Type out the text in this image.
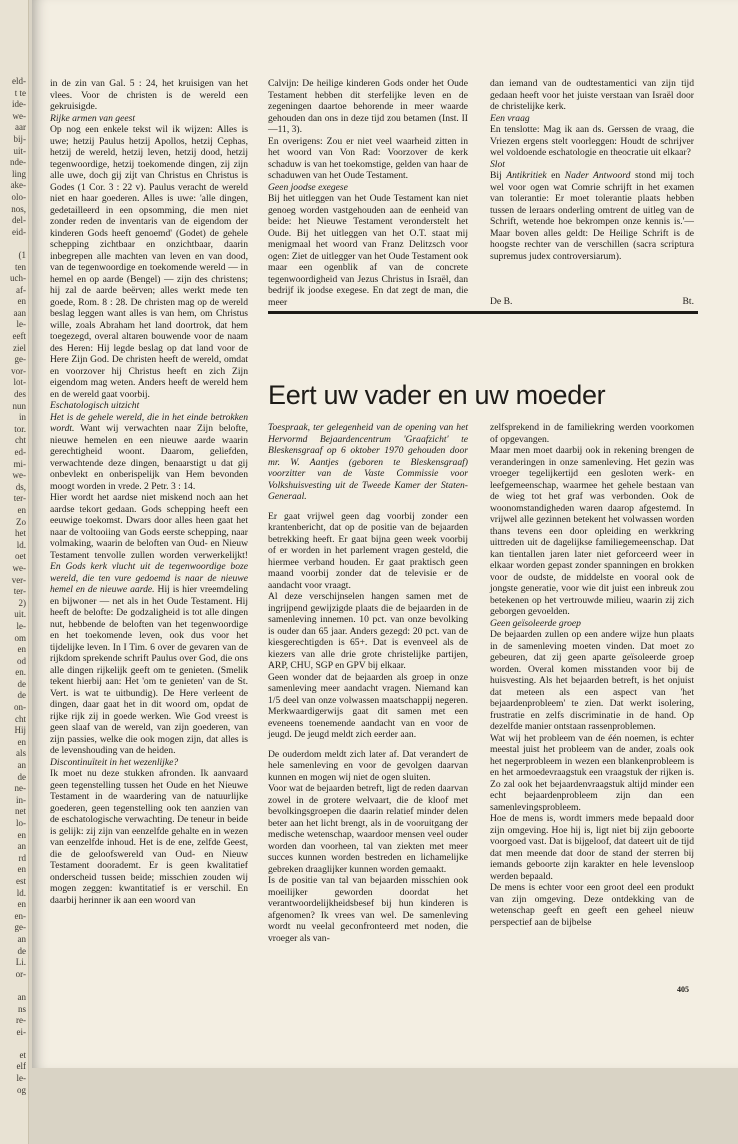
eld-
t te
ide-
we-
aar
bij-
uit-
nde-
ling
ake-
olo-
nos,
del-
eid-

(1
ten
uch-
af-
en
aan
le-
eeft
ziel
ge-
vor-
lot-
des
nun
in
tor.
cht
ed-
mi-
we-
ds,
ter-
en
Zo
het
ld.
oet
we-
ver-
ter-
2)
uit.
le-
om
en
od
en.
de
de
on-
cht
Hij
en
als
an
de
ne-
in-
net
lo-
en
an
rd
en
est
ld.
en
en-
ge-
an
de
Li.
or-

an
ns
re-
ei-

et
elf
le-
og

in de zin van Gal. 5 : 24, het kruisigen van het vlees. Voor de christen is de wereld een gekruisigde.

Rijke armen van geest

Op nog een enkele tekst wil ik wijzen: Alles is uwe; hetzij Paulus hetzij Apollos, hetzij Cephas, hetzij de wereld, hetzij leven, hetzij dood, hetzij tegenwoordige, hetzij toekomende dingen, zij zijn alle uwe, doch gij zijt van Christus en Christus is Godes (1 Cor. 3 : 22 v). Paulus veracht de wereld niet en haar goederen. Alles is uwe: 'alle dingen, gedetailleerd in een opsomming, die men niet zonder reden de inventaris van de eigendom der kinderen Gods heeft genoemd' (Godet) de gehele schepping zichtbaar en onzichtbaar, daarin inbegrepen alle machten van leven en van dood, van de tegenwoordige en toekomende wereld — in hemel en op aarde (Bengel) — zijn des christens; hij zal de aarde beërven; alles werkt mede ten goede, Rom. 8 : 28. De christen mag op de wereld beslag leggen want alles is van hem, om Christus wille, zoals Abraham het land doortrok, dat hem toegezegd, overal altaren bouwende voor de naam des Heren: Hij legde beslag op dat land voor de Here Zijn God. De christen heeft de wereld, omdat en voorzover hij Christus heeft en zich Zijn eigendom mag weten. Anders heeft de wereld hem en de wereld gaat voorbij.

Eschatologisch uitzicht

Het is de gehele wereld, die in het einde betrokken wordt. Want wij verwachten naar Zijn belofte, nieuwe hemelen en een nieuwe aarde waarin gerechtigheid woont. Daarom, geliefden, verwachtende deze dingen, benaarstigt u dat gij onbevlekt en onberispelijk van Hem bevonden moogt worden in vrede. 2 Petr. 3 : 14.

Hier wordt het aardse niet miskend noch aan het aardse tekort gedaan. Gods schepping heeft een eeuwige toekomst. Dwars door alles heen gaat het naar de voltooiing van Gods eerste schepping, naar volmaking, waarin de beloften van Oud- en Nieuw Testament tenvolle zullen worden verwerkelijkt! En Gods kerk vlucht uit de tegenwoordige boze wereld, die ten vure gedoemd is naar de nieuwe hemel en de nieuwe aarde. Hij is hier vreemdeling en bijwoner — net als in het Oude Testament. Hij heeft de belofte: De godzaligheid is tot alle dingen nut, hebbende de beloften van het tegenwoordige en het toekomende leven, ook dus voor het tijdelijke leven. In I Tim. 6 over de gevaren van de rijkdom sprekende schrift Paulus over God, die ons alle dingen rijkelijk geeft om te genieten. (Smelik tekent hierbij aan: Het 'om te genieten' van de St. Vert. is wat te uitbundig). De Here verleent de dingen, daar gaat het in dit woord om, opdat de rijke rijk zij in goede werken. Wie God vreest is geen slaaf van de wereld, van zijn goederen, van zijn passies, welke die ook mogen zijn, dat alles is de levenshouding van de heiden.

Discontinuïteit in het wezenlijke?

Ik moet nu deze stukken afronden. Ik aanvaard geen tegenstelling tussen het Oude en het Nieuwe Testament in de waardering van de natuurlijke goederen, geen tegenstelling ook ten aanzien van de eschatologische verwachting. De teneur in beide is gelijk: zij zijn van eenzelfde gehalte en in wezen van eenzelfde inhoud. Het is de ene, zelfde Geest, die de geloofswereld van Oud- en Nieuw Testament doorademt. Er is geen kwalitatief onderscheid tussen beide; misschien zouden wij mogen zeggen: kwantitatief is er verschil. En daarbij herinner ik aan een woord van

Calvijn: De heilige kinderen Gods onder het Oude Testament hebben dit sterfelijke leven en de zegeningen daartoe behorende in meer waarde gehouden dan ons in deze tijd zou betamen (Inst. II—11, 3).

En overigens: Zou er niet veel waarheid zitten in het woord van Von Rad: Voorzover de kerk schaduw is van het toekomstige, gelden van haar de schaduwen van het Oude Testament.

Geen joodse exegese

Bij het uitleggen van het Oude Testament kan niet genoeg worden vastgehouden aan de eenheid van beide: het Nieuwe Testament veronderstelt het Oude. Bij het uitleggen van het O.T. staat mij menigmaal het woord van Franz Delitzsch voor ogen: Ziet de uitlegger van het Oude Testament ook maar een ogenblik af van de concrete tegenwoordigheid van Jezus Christus in Israël, dan bedrijf ik joodse exegese. En dat zegt de man, die meer

dan iemand van de oudtestamentici van zijn tijd gedaan heeft voor het juiste verstaan van Israël door de christelijke kerk.

Een vraag

En tenslotte: Mag ik aan ds. Gerssen de vraag, die Vriezen ergens stelt voorleggen: Houdt de schrijver wel voldoende eschatologie en theocratie uit elkaar?

Slot

Bij Antikritiek en Nader Antwoord stond mij toch wel voor ogen wat Comrie schrijft in het examen van tolerantie: Er moet tolerantie plaats hebben tussen de leraars onderling omtrent de uitleg van de Schrift, wetende hoe bekrompen onze kennis is.'— Maar boven alles geldt: De Heilige Schrift is de hoogste rechter van de verschillen (sacra scriptura supremus judex controversiarum).

De B.	Bt.
Eert uw vader en uw moeder

Toespraak, ter gelegenheid van de opening van het Hervormd Bejaardencentrum 'Graafzicht' te Bleskensgraaf op 6 oktober 1970 gehouden door mr. W. Aantjes (geboren te Bleskensgraaf) voorzitter van de Vaste Commissie voor Volkshuisvesting uit de Tweede Kamer der Staten-Generaal.

Er gaat vrijwel geen dag voorbij zonder een krantenbericht, dat op de positie van de bejaarden betrekking heeft. Er gaat bijna geen week voorbij of er worden in het parlement vragen gesteld, die hiermee verband houden. Er gaat praktisch geen maand voorbij zonder dat de televisie er de aandacht voor vraagt.

Al deze verschijnselen hangen samen met de ingrijpend gewijzigde plaats die de bejaarden in de samenleving innemen. 10 pct. van onze bevolking is ouder dan 65 jaar. Anders gezegd: 20 pct. van de kiesgerechtigden is 65+. Dat is evenveel als de kiezers van alle drie grote christelijke partijen, ARP, CHU, SGP en GPV bij elkaar.

Geen wonder dat de bejaarden als groep in onze samenleving meer aandacht vragen. Niemand kan 1/5 deel van onze volwassen maatschappij negeren. Merkwaardigerwijs gaat dit samen met een eveneens toenemende aandacht van en voor de jeugd. De jeugd meldt zich eerder aan.

De ouderdom meldt zich later af. Dat verandert de hele samenleving en voor de gevolgen daarvan kunnen en mogen wij niet de ogen sluiten.

Voor wat de bejaarden betreft, ligt de reden daarvan zowel in de grotere welvaart, die de kloof met bevolkingsgroepen die daarin relatief minder delen beter aan het licht brengt, als in de vooruitgang der medische wetenschap, waardoor mensen veel ouder worden dan voorheen, tal van ziekten met meer succes kunnen worden bestreden en lichamelijke gebreken draaglijker kunnen worden gemaakt.

Is de positie van tal van bejaarden misschien ook moeilijker geworden doordat het verantwoordelijkheidsbesef bij hun kinderen is afgenomen? Ik vrees van wel. De samenleving wordt nu veelal geconfronteerd met noden, die vroeger als van-

zelfsprekend in de familiekring werden voorkomen of opgevangen.

Maar men moet daarbij ook in rekening brengen de veranderingen in onze samenleving. Het gezin was vroeger tegelijkertijd een gesloten werk- en leefgemeenschap, waarmee het gehele bestaan van de wieg tot het graf was verbonden. Ook de woonomstandigheden waren daarop afgestemd. In vrijwel alle gezinnen betekent het volwassen worden thans tevens een door opleiding en werkkring uittreden uit de dagelijkse familiegemeenschap. Dat kan tientallen jaren later niet geforceerd weer in elkaar worden gepast zonder spanningen en brokken voor de oudste, de middelste en vooral ook de jongste generatie, voor wie dit juist een inbreuk zou betekenen op het vertrouwde milieu, waarin zij zich geborgen gevoelden.

Geen geïsoleerde groep

De bejaarden zullen op een andere wijze hun plaats in de samenleving moeten vinden. Dat moet zo gebeuren, dat zij geen aparte geïsoleerde groep worden. Overal komen misstanden voor bij de huisvesting. Als het bejaarden betreft, is het onjuist dat meteen als een aspect van 'het bejaardenprobleem' te zien. Dat werkt isolering, frustratie en zelfs discriminatie in de hand. Op dezelfde manier ontstaan rassenproblemen.

Wat wij het probleem van de één noemen, is echter meestal juist het probleem van de ander, zoals ook het negerprobleem in wezen een blankenprobleem is en het armoedevraagstuk een vraagstuk der rijken is. Zo zal ook het bejaardenvraagstuk altijd minder een echt bejaardenprobleem zijn dan een samenlevingsprobleem.

Hoe de mens is, wordt immers mede bepaald door zijn omgeving. Hoe hij is, ligt niet bij zijn geboorte voorgoed vast. Dat is bijgeloof, dat dateert uit de tijd dat men meende dat door de stand der sterren bij iemands geboorte zijn karakter en hele levensloop werden bepaald.

De mens is echter voor een groot deel een produkt van zijn omgeving. Deze ontdekking van de wetenschap geeft en geeft een geheel nieuw perspectief aan de bijbelse

405
